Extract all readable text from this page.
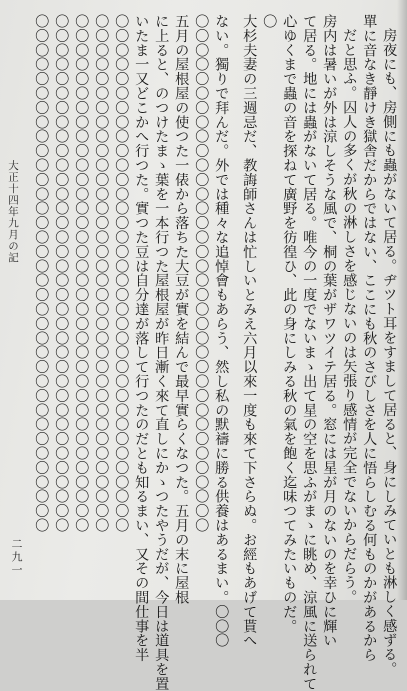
房夜にも、房側にも蟲がないて居る。ヂツト耳をすまして居ると、身にしみていとも淋しく感ずる。
單に音なき靜けき獄舎だからではない、ここにも秋のさびしさを人に悟らしむる何ものかがあるから
だと思ふ。囚人の多くが秋の淋しさを感じないのは矢張り感情が完全でないからだらう。
房内は暑いが外は涼しそうな風で、桐の葉がザワツイテ居る。窓には星が月のないのを幸ひに輝い
て居る。地には蟲がないて居る。唯今の一度でないまゝ出て星の空を思ふがまゝに眺め、涼風に送られて
心ゆくまで蟲の音を探ねて廣野を彷徨ひ、此の身にしみる秋の氣を飽く迄味つてみたいものだ。
〇
大杉夫妻の三週忌だ、教誨師さんは忙しいとみえ六月以來一度も來て下さらぬ。お經もあげて貰へ
ない。獨りで拜んだ。外では種々な追悼會もあらう、然し私の默禱に勝る供養はあるまい。〇〇〇
〇〇〇〇〇〇〇〇〇〇〇〇〇〇〇〇〇〇〇〇〇〇〇〇〇〇〇〇〇〇〇〇〇〇〇〇
五月の屋根屋の使つた一俵から落ちた大豆が實を結んで最早實らくなつた。五月の末に屋根
に上ると、のつけたまゝ葉を一本行つた屋根屋が昨日漸く來て直しにかゝつたやうだが、今日は道具を置
いたま一又どこかへ行つた。實つた豆は自分達が落して行つたのだとも知るまい、又その間仕事を半
〇〇〇〇〇〇〇〇〇〇〇〇〇〇〇〇〇〇〇〇〇〇〇〇〇〇〇〇〇〇〇〇〇〇〇〇
〇〇〇〇〇〇〇〇〇〇〇〇〇〇〇〇〇〇〇〇〇〇〇〇〇〇〇〇〇〇〇〇〇〇〇〇
〇〇〇〇〇〇〇〇〇〇〇〇〇〇〇〇〇〇〇〇〇〇〇〇〇〇〇〇〇〇〇〇〇〇〇〇
〇〇〇〇〇〇〇〇〇〇〇〇〇〇〇〇〇〇〇〇〇〇〇〇〇〇〇〇〇〇〇〇〇〇〇〇
〇〇〇〇〇〇〇〇〇〇〇〇〇〇〇〇〇〇〇〇〇〇〇〇〇〇〇〇〇〇〇〇〇〇〇〇
大正十四年九月の記
二九一
